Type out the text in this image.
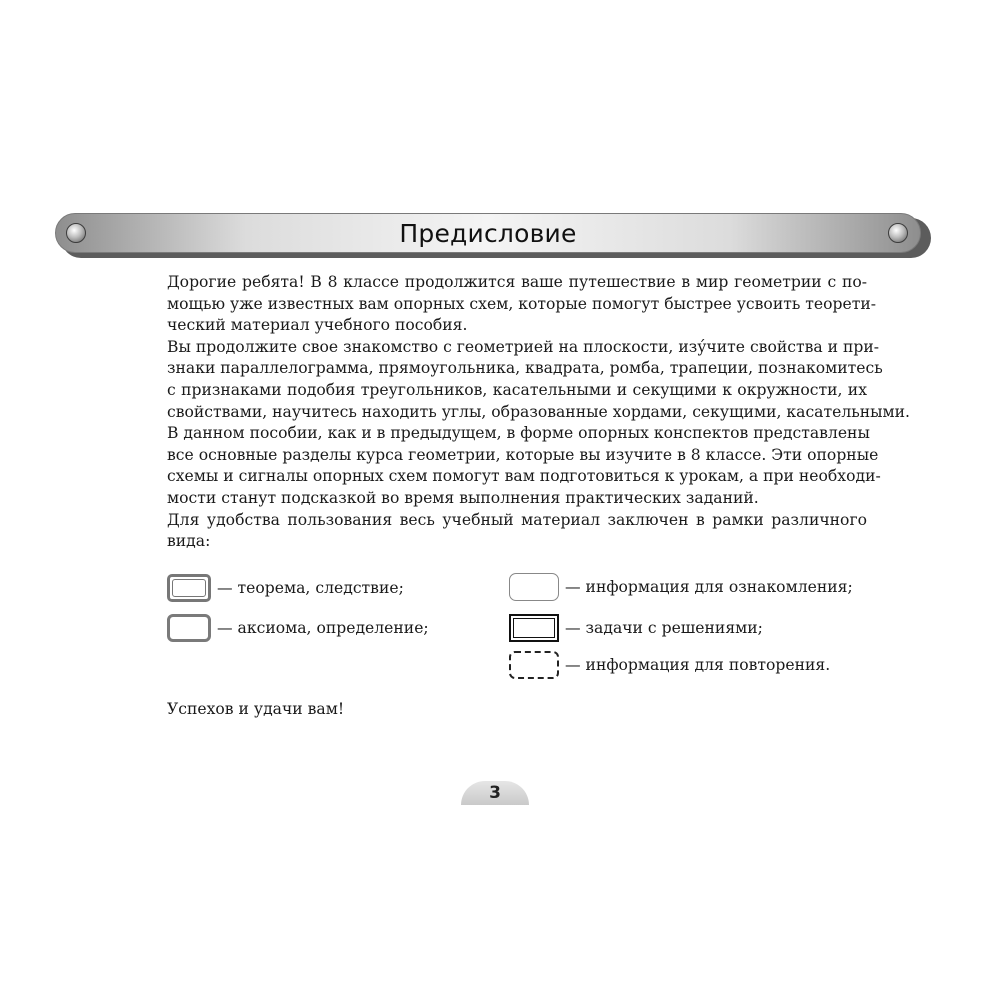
Предисловие
Дорогие ребята! В 8 классе продолжится ваше путешествие в мир геометрии с по-
мощью уже известных вам опорных схем, которые помогут быстрее усвоить теорети-
ческий материал учебного пособия.
Вы продолжите свое знакомство с геометрией на плоскости, изу́чите свойства и при-
знаки параллелограмма, прямоугольника, квадрата, ромба, трапеции, познакомитесь
с признаками подобия треугольников, касательными и секущими к окружности, их
свойствами, научитесь находить углы, образованные хордами, секущими, касательными.
В данном пособии, как и в предыдущем, в форме опорных конспектов представлены
все основные разделы курса геометрии, которые вы изучите в 8 классе. Эти опорные
схемы и сигналы опорных схем помогут вам подготовиться к урокам, а при необходи-
мости станут подсказкой во время выполнения практических заданий.
Для удобства пользования весь учебный материал заключен в рамки различного
вида:
— теорема, следствие;
— аксиома, определение;
— информация для ознакомления;
— задачи с решениями;
— информация для повторения.
Успехов и удачи вам!
3
